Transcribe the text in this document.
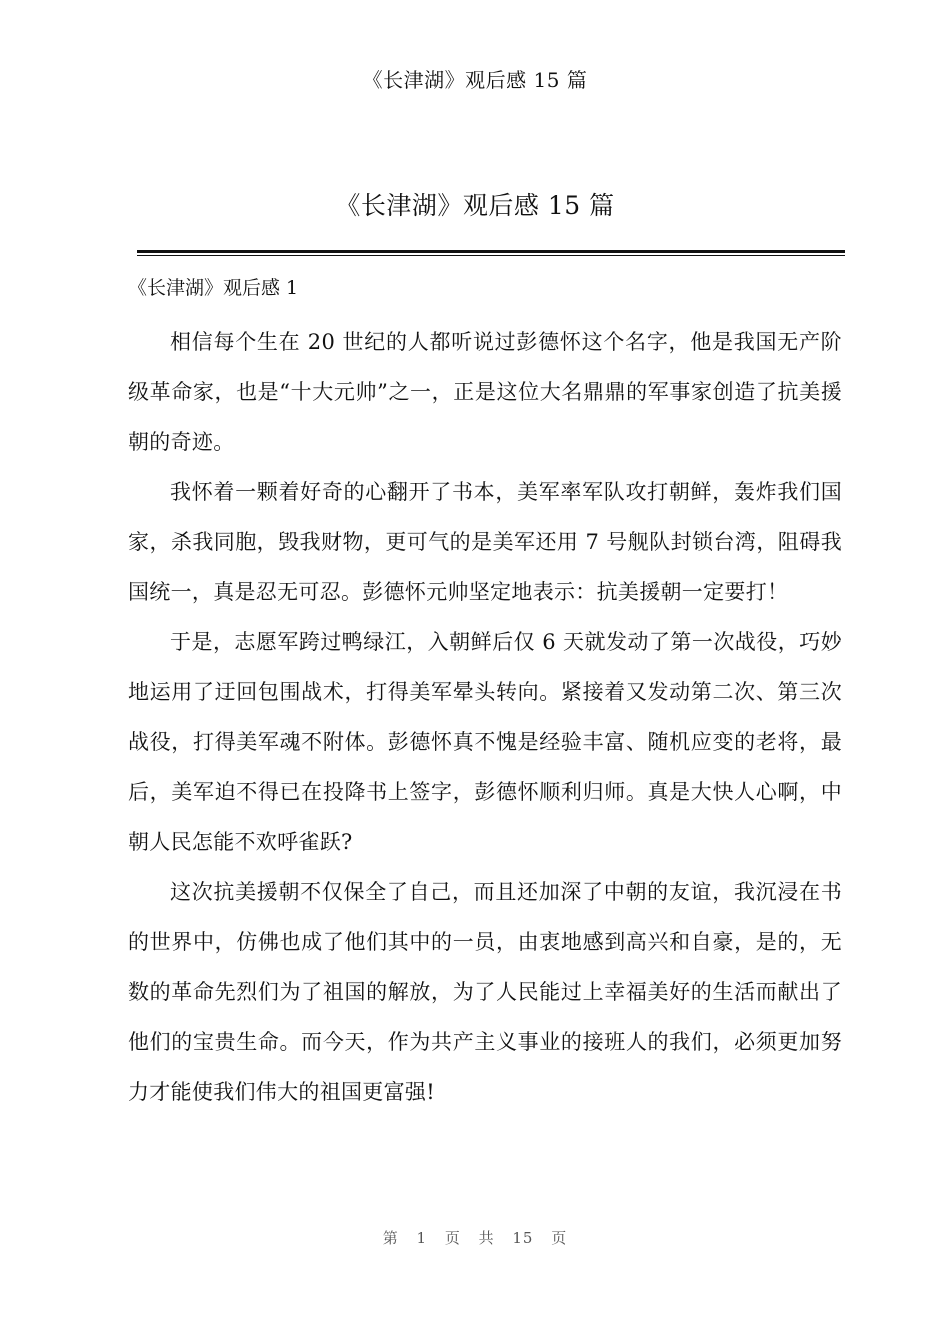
《长津湖》观后感 15 篇
《长津湖》观后感 15 篇
《长津湖》观后感 1

相信每个生在 20 世纪的人都听说过彭德怀这个名字，他是我国无产阶级革命家，也是“十大元帅”之一，正是这位大名鼎鼎的军事家创造了抗美援朝的奇迹。

我怀着一颗着好奇的心翻开了书本，美军率军队攻打朝鲜，轰炸我们国家，杀我同胞，毁我财物，更可气的是美军还用 7 号舰队封锁台湾，阻碍我国统一，真是忍无可忍。彭德怀元帅坚定地表示：抗美援朝一定要打！

于是，志愿军跨过鸭绿江，入朝鲜后仅 6 天就发动了第一次战役，巧妙地运用了迂回包围战术，打得美军晕头转向。紧接着又发动第二次、第三次战役，打得美军魂不附体。彭德怀真不愧是经验丰富、随机应变的老将，最后，美军迫不得已在投降书上签字，彭德怀顺利归师。真是大快人心啊，中朝人民怎能不欢呼雀跃?

这次抗美援朝不仅保全了自己，而且还加深了中朝的友谊，我沉浸在书的世界中，仿佛也成了他们其中的一员，由衷地感到高兴和自豪，是的，无数的革命先烈们为了祖国的解放，为了人民能过上幸福美好的生活而献出了他们的宝贵生命。而今天，作为共产主义事业的接班人的我们，必须更加努力才能使我们伟大的祖国更富强!

第 1 页 共 15 页
